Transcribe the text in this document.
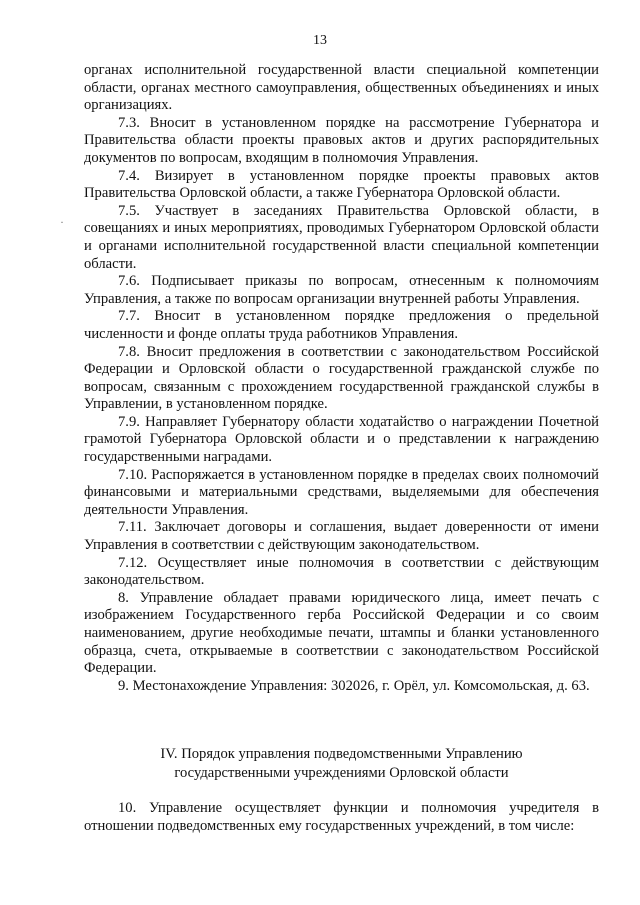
13
·

органах исполнительной государственной власти специальной компетенции области, органах местного самоуправления, общественных объединениях и иных организациях.

7.3. Вносит в установленном порядке на рассмотрение Губернатора и Правительства области проекты правовых актов и других распорядительных документов по вопросам, входящим в полномочия Управления.

7.4. Визирует в установленном порядке проекты правовых актов Правительства Орловской области, а также Губернатора Орловской области.

7.5. Участвует в заседаниях Правительства Орловской области, в совещаниях и иных мероприятиях, проводимых Губернатором Орловской области и органами исполнительной государственной власти специальной компетенции области.

7.6. Подписывает приказы по вопросам, отнесенным к полномочиям Управления, а также по вопросам организации внутренней работы Управления.

7.7. Вносит в установленном порядке предложения о предельной численности и фонде оплаты труда работников Управления.

7.8. Вносит предложения в соответствии с законодательством Российской Федерации и Орловской области о государственной гражданской службе по вопросам, связанным с прохождением государственной гражданской службы в Управлении, в установленном порядке.

7.9. Направляет Губернатору области ходатайство о награждении Почетной грамотой Губернатора Орловской области и о представлении к награждению государственными наградами.

7.10. Распоряжается в установленном порядке в пределах своих полномочий финансовыми и материальными средствами, выделяемыми для обеспечения деятельности Управления.

7.11. Заключает договоры и соглашения, выдает доверенности от имени Управления в соответствии с действующим законодательством.

7.12. Осуществляет иные полномочия в соответствии с действующим законодательством.

8. Управление обладает правами юридического лица, имеет печать с изображением Государственного герба Российской Федерации и со своим наименованием, другие необходимые печати, штампы и бланки установленного образца, счета, открываемые в соответствии с законодательством Российской Федерации.

9. Местонахождение Управления: 302026, г. Орёл, ул. Комсомольская, д. 63.

IV. Порядок управления подведомственными Управлению
государственными учреждениями Орловской области

10. Управление осуществляет функции и полномочия учредителя в отношении подведомственных ему государственных учреждений, в том числе:
